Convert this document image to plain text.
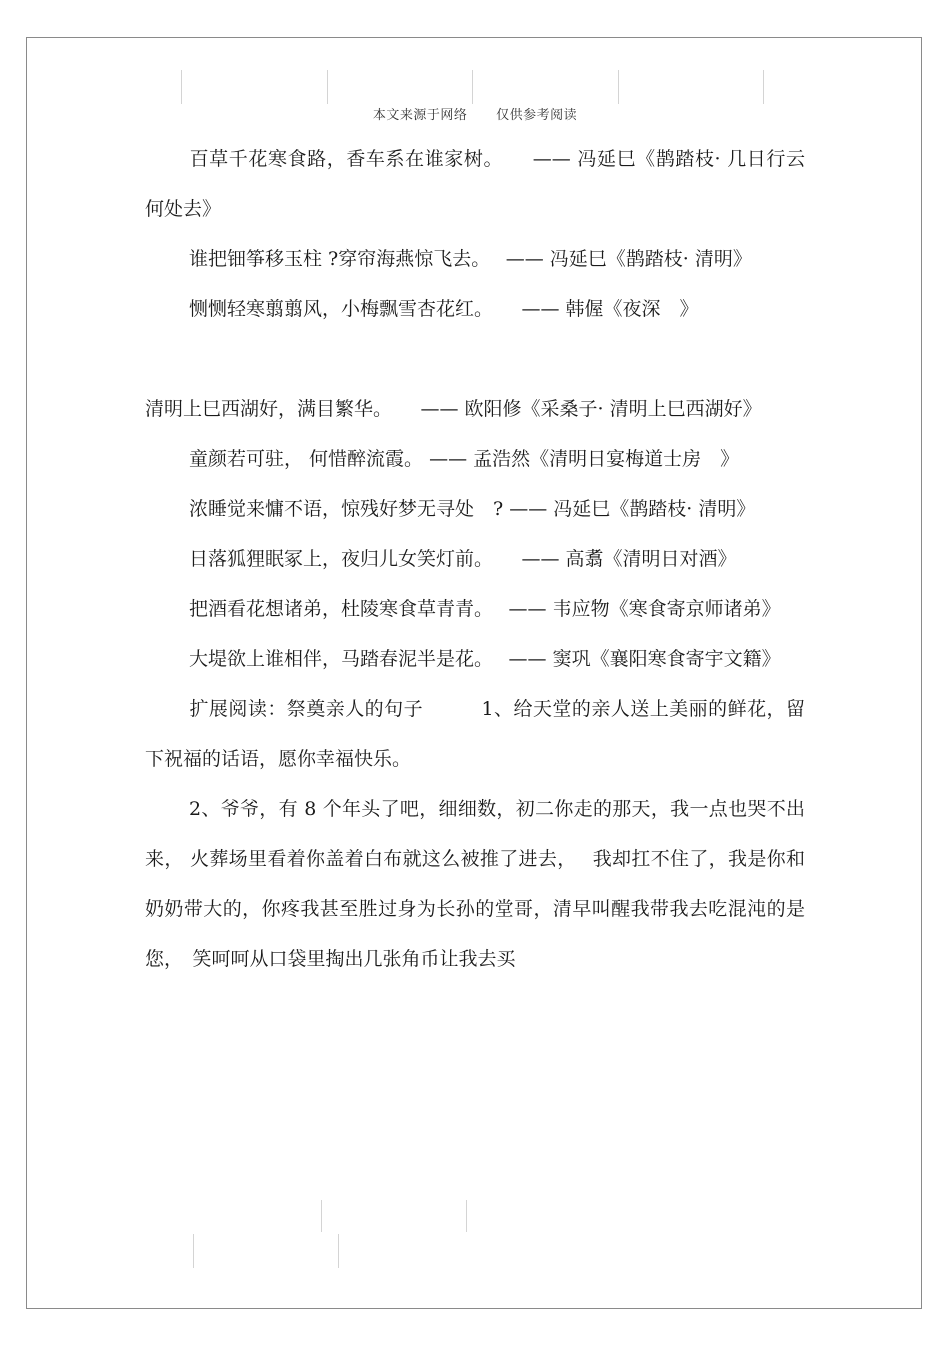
本文来源于网络 仅供参考阅读

百草千花寒食路，香车系在谁家树。　　—— 冯延巳《鹊踏枝· 几日行云何处去》

谁把钿筝移玉柱 ?穿帘海燕惊飞去。　 —— 冯延巳《鹊踏枝· 清明》

恻恻轻寒翦翦风，小梅飘雪杏花红。　　—— 韩偓《夜深　》

清明上巳西湖好，满目繁华。　　—— 欧阳修《采桑子· 清明上巳西湖好》

童颜若可驻， 何惜醉流霞。 —— 孟浩然《清明日宴梅道士房　》

浓睡觉来慵不语，惊残好梦无寻处　? —— 冯延巳《鹊踏枝· 清明》

日落狐狸眠冢上，夜归儿女笑灯前。　　—— 高翥《清明日对酒》

把酒看花想诸弟，杜陵寒食草青青。　 —— 韦应物《寒食寄京师诸弟》

大堤欲上谁相伴，马踏春泥半是花。　 —— 窦巩《襄阳寒食寄宇文籍》

扩展阅读：祭奠亲人的句子　　　1、给天堂的亲人送上美丽的鲜花，留下祝福的话语，愿你幸福快乐。

2、爷爷，有 8 个年头了吧，细细数，初二你走的那天，我一点也哭不出来， 火葬场里看着你盖着白布就这么被推了进去，　 我却扛不住了，我是你和奶奶带大的，你疼我甚至胜过身为长孙的堂哥，清早叫醒我带我去吃混沌的是您，　笑呵呵从口袋里掏出几张角币让我去买
